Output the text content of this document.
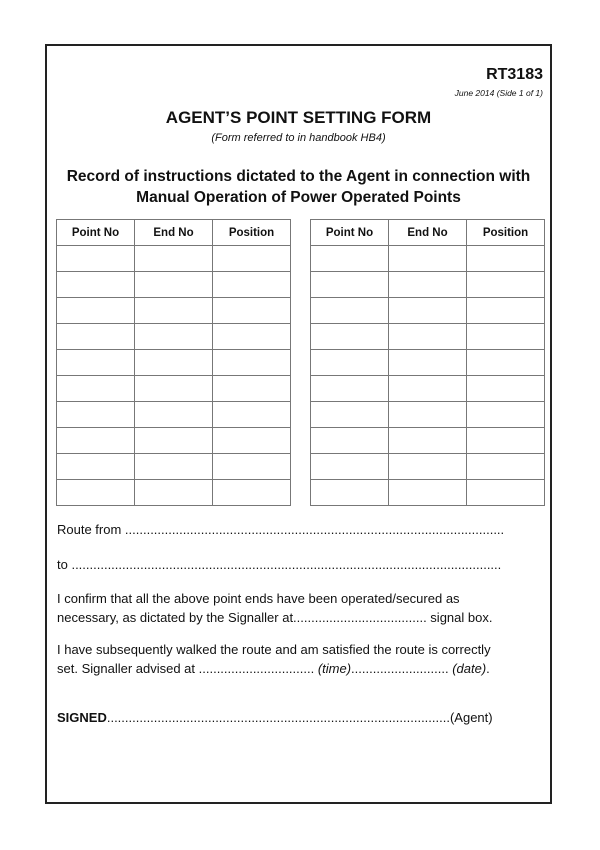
RT3183
June 2014 (Side 1 of 1)
AGENT’S POINT SETTING FORM
(Form referred to in handbook HB4)
Record of instructions dictated to the Agent in connection with
Manual Operation of Power Operated Points
Point No	End No	Position

			Point No	End No	Position

Route from .........................................................................................................
to .......................................................................................................................
I confirm that all the above point ends have been operated/secured as
necessary, as dictated by the Signaller at..................................... signal box.
I have subsequently walked the route and am satisfied the route is correctly
set. Signaller advised at ................................ (time)........................... (date).
SIGNED...............................................................................................(Agent)
